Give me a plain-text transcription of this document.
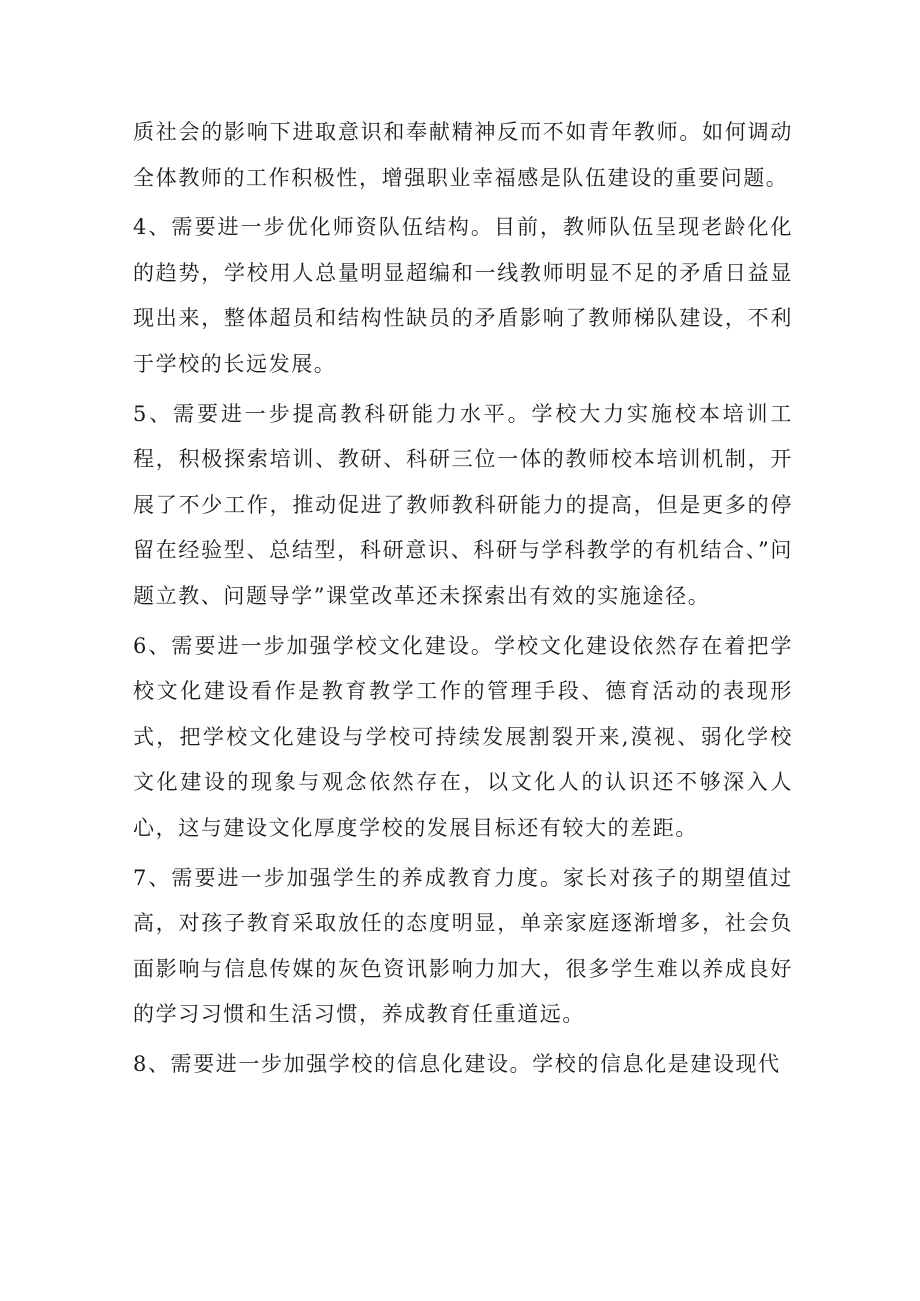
质社会的影响下进取意识和奉献精神反而不如青年教师。如何调动全体教师的工作积极性，增强职业幸福感是队伍建设的重要问题。

4、需要进一步优化师资队伍结构。目前，教师队伍呈现老龄化化的趋势，学校用人总量明显超编和一线教师明显不足的矛盾日益显现出来，整体超员和结构性缺员的矛盾影响了教师梯队建设，不利于学校的长远发展。

5、需要进一步提高教科研能力水平。学校大力实施校本培训工程，积极探索培训、教研、科研三位一体的教师校本培训机制，开展了不少工作，推动促进了教师教科研能力的提高，但是更多的停留在经验型、总结型，科研意识、科研与学科教学的有机结合、”问题立教、问题导学”课堂改革还未探索出有效的实施途径。

6、需要进一步加强学校文化建设。学校文化建设依然存在着把学校文化建设看作是教育教学工作的管理手段、德育活动的表现形式，把学校文化建设与学校可持续发展割裂开来,漠视、弱化学校文化建设的现象与观念依然存在，以文化人的认识还不够深入人心，这与建设文化厚度学校的发展目标还有较大的差距。

7、需要进一步加强学生的养成教育力度。家长对孩子的期望值过高，对孩子教育采取放任的态度明显，单亲家庭逐渐增多，社会负面影响与信息传媒的灰色资讯影响力加大，很多学生难以养成良好的学习习惯和生活习惯，养成教育任重道远。

8、需要进一步加强学校的信息化建设。学校的信息化是建设现代
